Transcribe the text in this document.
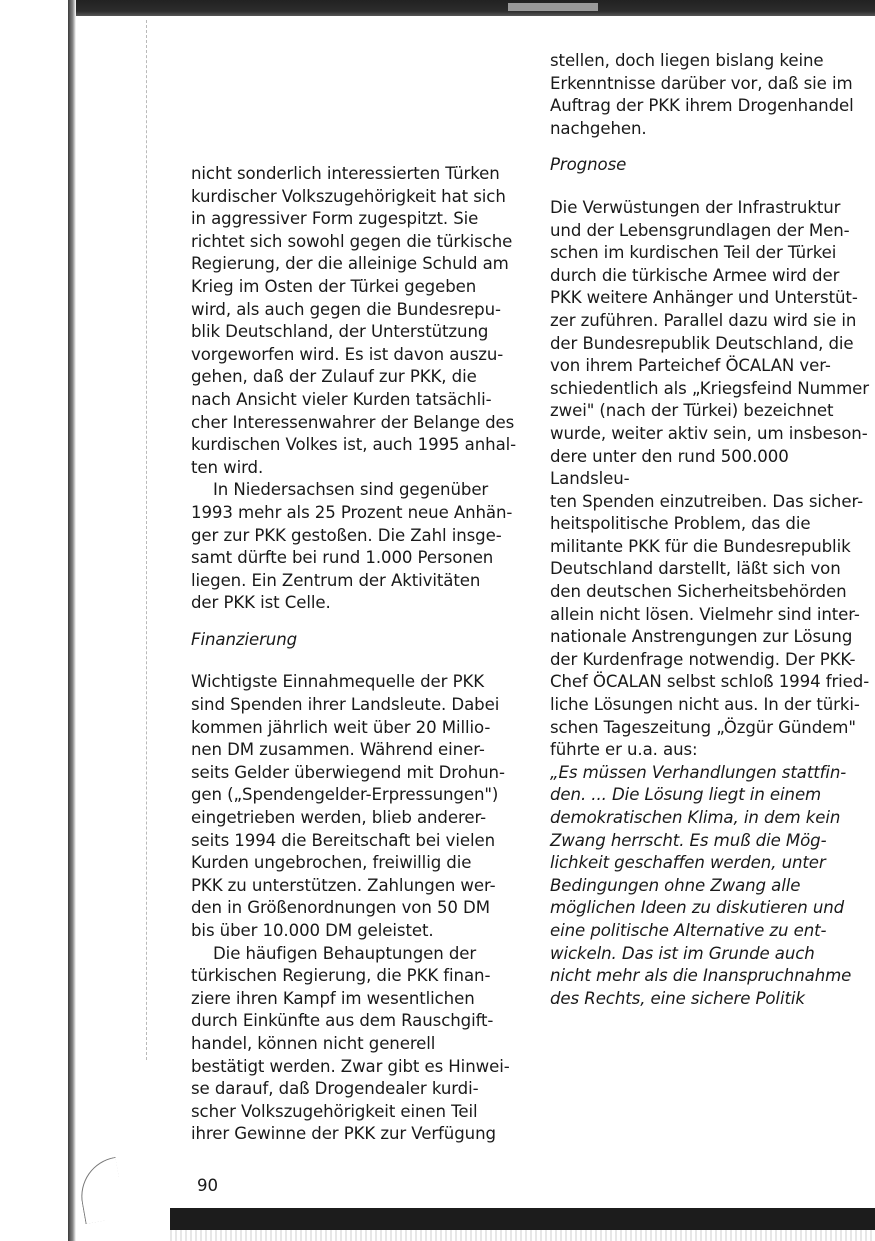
nicht sonderlich interessierten Türken
kurdischer Volkszugehörigkeit hat sich
in aggressiver Form zugespitzt. Sie
richtet sich sowohl gegen die türkische
Regierung, der die alleinige Schuld am
Krieg im Osten der Türkei gegeben
wird, als auch gegen die Bundesrepu-
blik Deutschland, der Unterstützung
vorgeworfen wird. Es ist davon auszu-
gehen, daß der Zulauf zur PKK, die
nach Ansicht vieler Kurden tatsächli-
cher Interessenwahrer der Belange des
kurdischen Volkes ist, auch 1995 anhal-
ten wird.

In Niedersachsen sind gegenüber
1993 mehr als 25 Prozent neue Anhän-
ger zur PKK gestoßen. Die Zahl insge-
samt dürfte bei rund 1.000 Personen
liegen. Ein Zentrum der Aktivitäten
der PKK ist Celle.

Finanzierung

Wichtigste Einnahmequelle der PKK
sind Spenden ihrer Landsleute. Dabei
kommen jährlich weit über 20 Millio-
nen DM zusammen. Während einer-
seits Gelder überwiegend mit Drohun-
gen („Spendengelder-Erpressungen")
eingetrieben werden, blieb anderer-
seits 1994 die Bereitschaft bei vielen
Kurden ungebrochen, freiwillig die
PKK zu unterstützen. Zahlungen wer-
den in Größenordnungen von 50 DM
bis über 10.000 DM geleistet.

Die häufigen Behauptungen der
türkischen Regierung, die PKK finan-
ziere ihren Kampf im wesentlichen
durch Einkünfte aus dem Rauschgift-
handel, können nicht generell
bestätigt werden. Zwar gibt es Hinwei-
se darauf, daß Drogendealer kurdi-
scher Volkszugehörigkeit einen Teil
ihrer Gewinne der PKK zur Verfügung

stellen, doch liegen bislang keine
Erkenntnisse darüber vor, daß sie im
Auftrag der PKK ihrem Drogenhandel
nachgehen.

Prognose

Die Verwüstungen der Infrastruktur
und der Lebensgrundlagen der Men-
schen im kurdischen Teil der Türkei
durch die türkische Armee wird der
PKK weitere Anhänger und Unterstüt-
zer zuführen. Parallel dazu wird sie in
der Bundesrepublik Deutschland, die
von ihrem Parteichef ÖCALAN ver-
schiedentlich als „Kriegsfeind Nummer
zwei" (nach der Türkei) bezeichnet
wurde, weiter aktiv sein, um insbeson-
dere unter den rund 500.000 Landsleu-
ten Spenden einzutreiben. Das sicher-
heitspolitische Problem, das die
militante PKK für die Bundesrepublik
Deutschland darstellt, läßt sich von
den deutschen Sicherheitsbehörden
allein nicht lösen. Vielmehr sind inter-
nationale Anstrengungen zur Lösung
der Kurdenfrage notwendig. Der PKK-
Chef ÖCALAN selbst schloß 1994 fried-
liche Lösungen nicht aus. In der türki-
schen Tageszeitung „Özgür Gündem"
führte er u.a. aus:

„Es müssen Verhandlungen stattfin-
den. ... Die Lösung liegt in einem
demokratischen Klima, in dem kein
Zwang herrscht. Es muß die Mög-
lichkeit geschaffen werden, unter
Bedingungen ohne Zwang alle
möglichen Ideen zu diskutieren und
eine politische Alternative zu ent-
wickeln. Das ist im Grunde auch
nicht mehr als die Inanspruchnahme
des Rechts, eine sichere Politik

90
